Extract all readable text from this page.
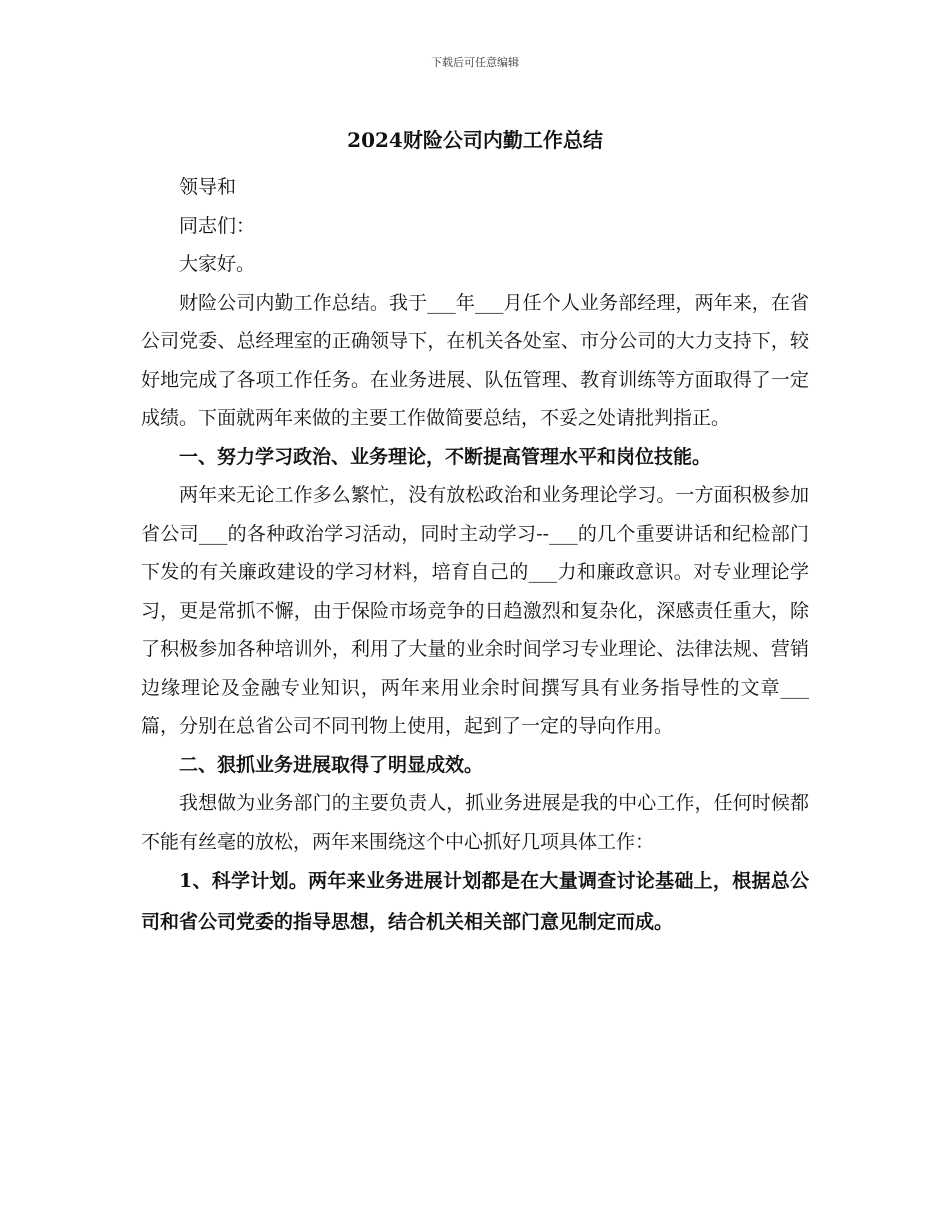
下载后可任意编辑
2024财险公司内勤工作总结

领导和

同志们：

大家好。

财险公司内勤工作总结。我于___年___月任个人业务部经理，两年来，在省公司党委、总经理室的正确领导下，在机关各处室、市分公司的大力支持下，较好地完成了各项工作任务。在业务进展、队伍管理、教育训练等方面取得了一定成绩。下面就两年来做的主要工作做简要总结，不妥之处请批判指正。

一、努力学习政治、业务理论，不断提高管理水平和岗位技能。

两年来无论工作多么繁忙，没有放松政治和业务理论学习。一方面积极参加省公司___的各种政治学习活动，同时主动学习--___的几个重要讲话和纪检部门下发的有关廉政建设的学习材料，培育自己的___力和廉政意识。对专业理论学习，更是常抓不懈，由于保险市场竞争的日趋激烈和复杂化，深感责任重大，除了积极参加各种培训外，利用了大量的业余时间学习专业理论、法律法规、营销边缘理论及金融专业知识，两年来用业余时间撰写具有业务指导性的文章___篇，分别在总省公司不同刊物上使用，起到了一定的导向作用。

二、狠抓业务进展取得了明显成效。

我想做为业务部门的主要负责人，抓业务进展是我的中心工作，任何时候都不能有丝毫的放松，两年来围绕这个中心抓好几项具体工作：

1、科学计划。两年来业务进展计划都是在大量调查讨论基础上，根据总公司和省公司党委的指导思想，结合机关相关部门意见制定而成。
